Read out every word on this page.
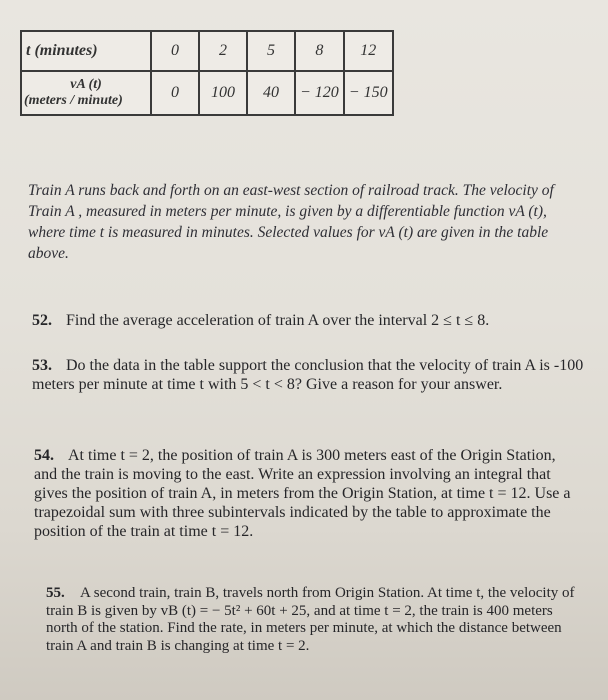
t (minutes)	0	2	5	8	12

vA (t)
(meters / minute)	0	100	40	− 120	− 150
Train A runs back and forth on an east-west section of railroad track. The velocity of Train A , measured in meters per minute, is given by a differentiable function vA (t), where time t is measured in minutes. Selected values for vA (t) are given in the table above.
52. Find the average acceleration of train A over the interval 2 ≤ t ≤ 8.
53. Do the data in the table support the conclusion that the velocity of train A is -100 meters per minute at time t with 5 < t < 8? Give a reason for your answer.
54. At time t = 2, the position of train A is 300 meters east of the Origin Station, and the train is moving to the east. Write an expression involving an integral that gives the position of train A, in meters from the Origin Station, at time t = 12. Use a trapezoidal sum with three subintervals indicated by the table to approximate the position of the train at time t = 12.
55. A second train, train B, travels north from Origin Station. At time t, the velocity of train B is given by vB (t) = − 5t² + 60t + 25, and at time t = 2, the train is 400 meters north of the station. Find the rate, in meters per minute, at which the distance between train A and train B is changing at time t = 2.
